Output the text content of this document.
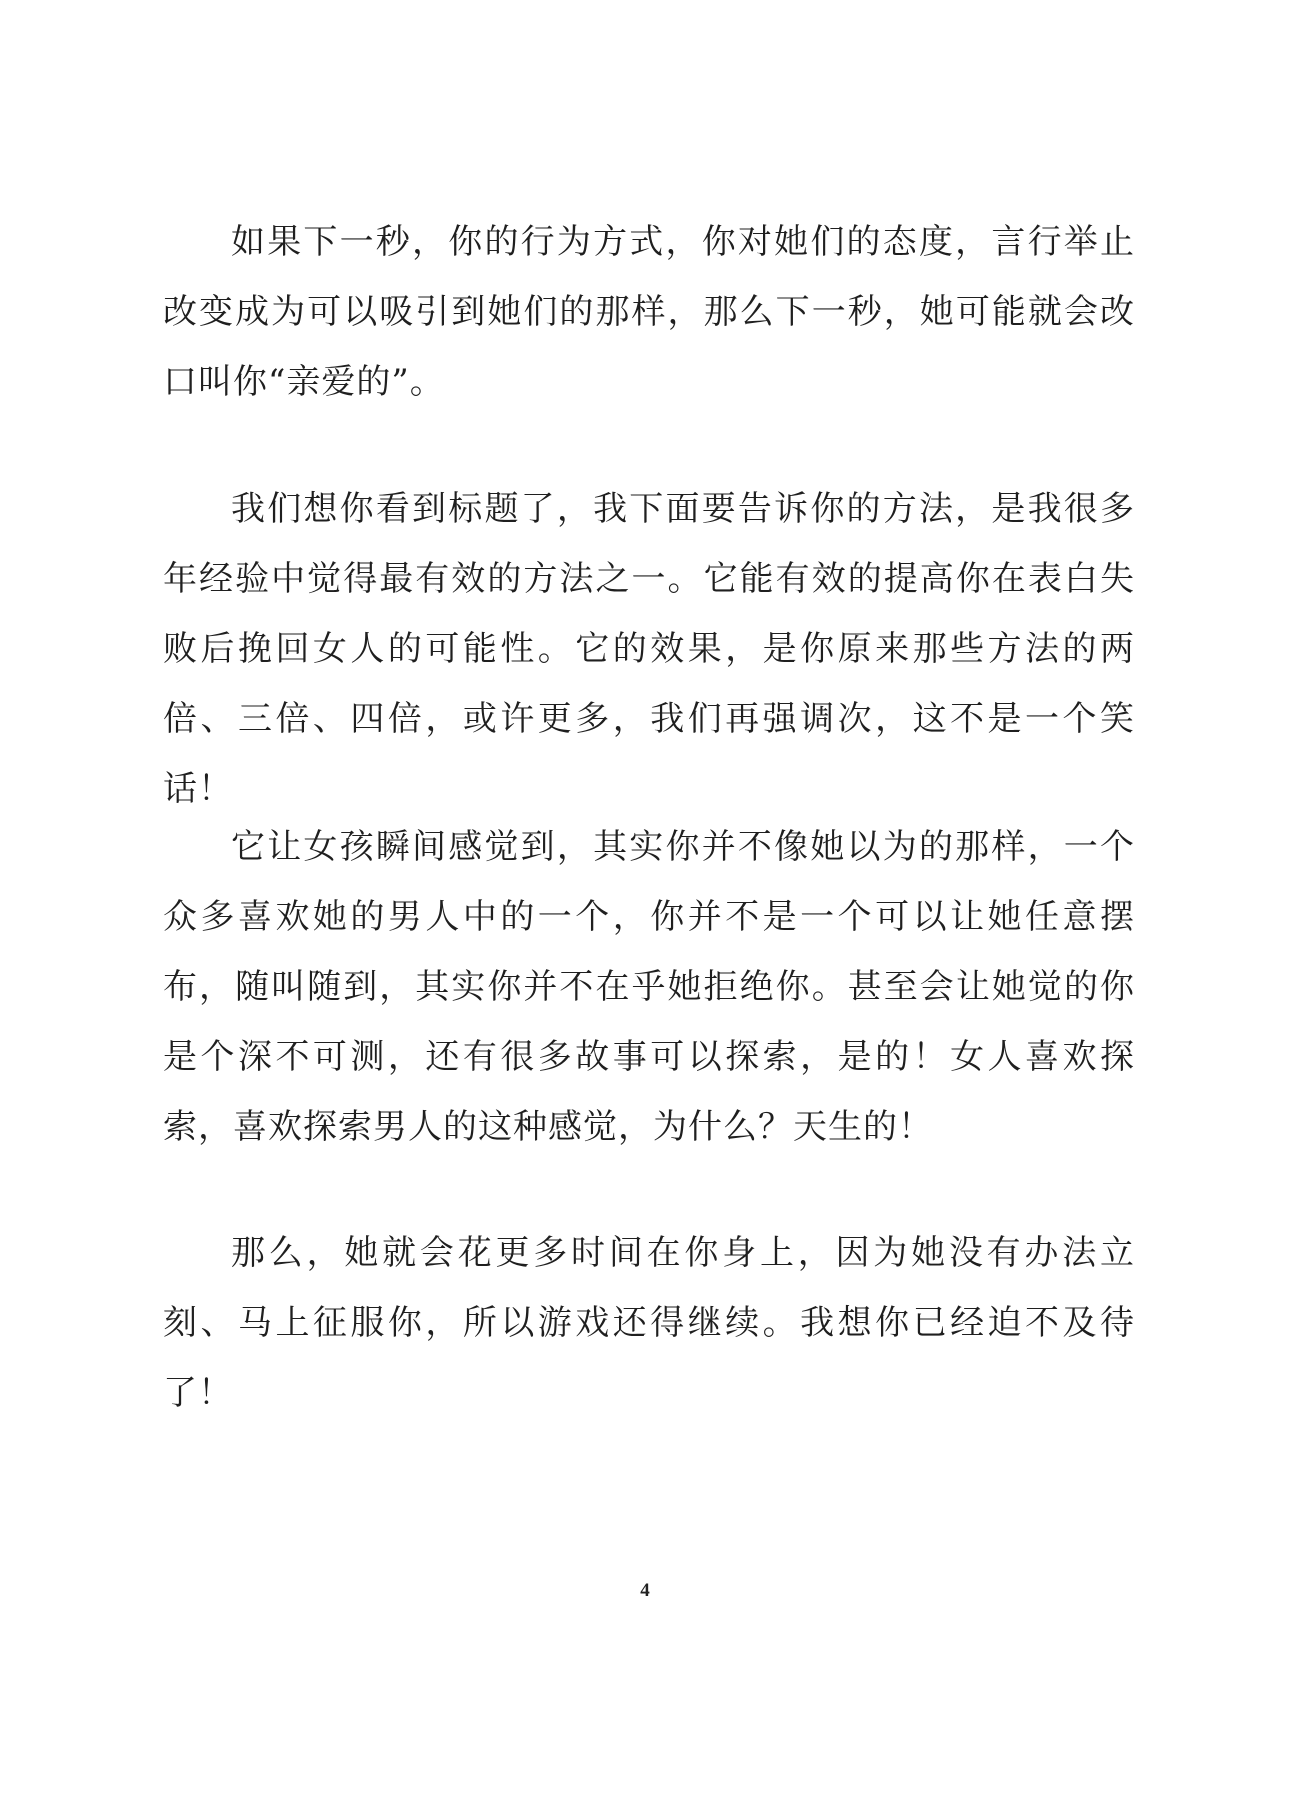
如果下一秒，你的行为方式，你对她们的态度，言行举止改变成为可以吸引到她们的那样，那么下一秒，她可能就会改口叫你“亲爱的”。

我们想你看到标题了，我下面要告诉你的方法，是我很多年经验中觉得最有效的方法之一。它能有效的提高你在表白失败后挽回女人的可能性。它的效果，是你原来那些方法的两倍、三倍、四倍，或许更多，我们再强调次，这不是一个笑话！

它让女孩瞬间感觉到，其实你并不像她以为的那样，一个众多喜欢她的男人中的一个，你并不是一个可以让她任意摆布，随叫随到，其实你并不在乎她拒绝你。甚至会让她觉的你是个深不可测，还有很多故事可以探索，是的！女人喜欢探索，喜欢探索男人的这种感觉，为什么？天生的！

那么，她就会花更多时间在你身上，因为她没有办法立刻、马上征服你，所以游戏还得继续。我想你已经迫不及待了！

4
